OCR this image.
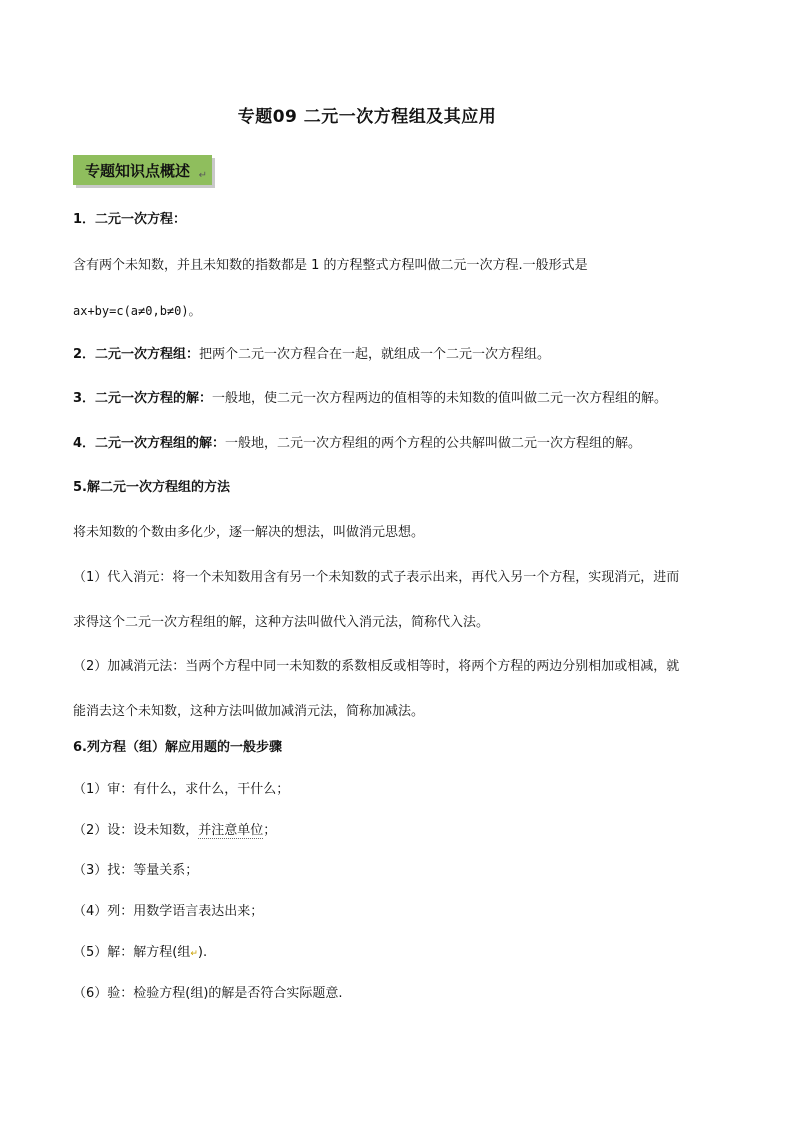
专题09 二元一次方程组及其应用
专题知识点概述 ↵
1．二元一次方程：
含有两个未知数，并且未知数的指数都是 1 的方程整式方程叫做二元一次方程.一般形式是
ax+by=c(a≠0,b≠0)。
2．二元一次方程组：把两个二元一次方程合在一起，就组成一个二元一次方程组。
3．二元一次方程的解：一般地，使二元一次方程两边的值相等的未知数的值叫做二元一次方程组的解。
4．二元一次方程组的解：一般地，二元一次方程组的两个方程的公共解叫做二元一次方程组的解。
5.解二元一次方程组的方法
将未知数的个数由多化少，逐一解决的想法，叫做消元思想。
（1）代入消元：将一个未知数用含有另一个未知数的式子表示出来，再代入另一个方程，实现消元，进而
求得这个二元一次方程组的解，这种方法叫做代入消元法，简称代入法。
（2）加减消元法：当两个方程中同一未知数的系数相反或相等时，将两个方程的两边分别相加或相减，就
能消去这个未知数，这种方法叫做加减消元法，简称加减法。
6.列方程（组）解应用题的一般步骤
（1）审：有什么，求什么，干什么；
（2）设：设未知数，并注意单位；
（3）找：等量关系；
（4）列：用数学语言表达出来；
（5）解：解方程(组↵).
（6）验：检验方程(组)的解是否符合实际题意.
